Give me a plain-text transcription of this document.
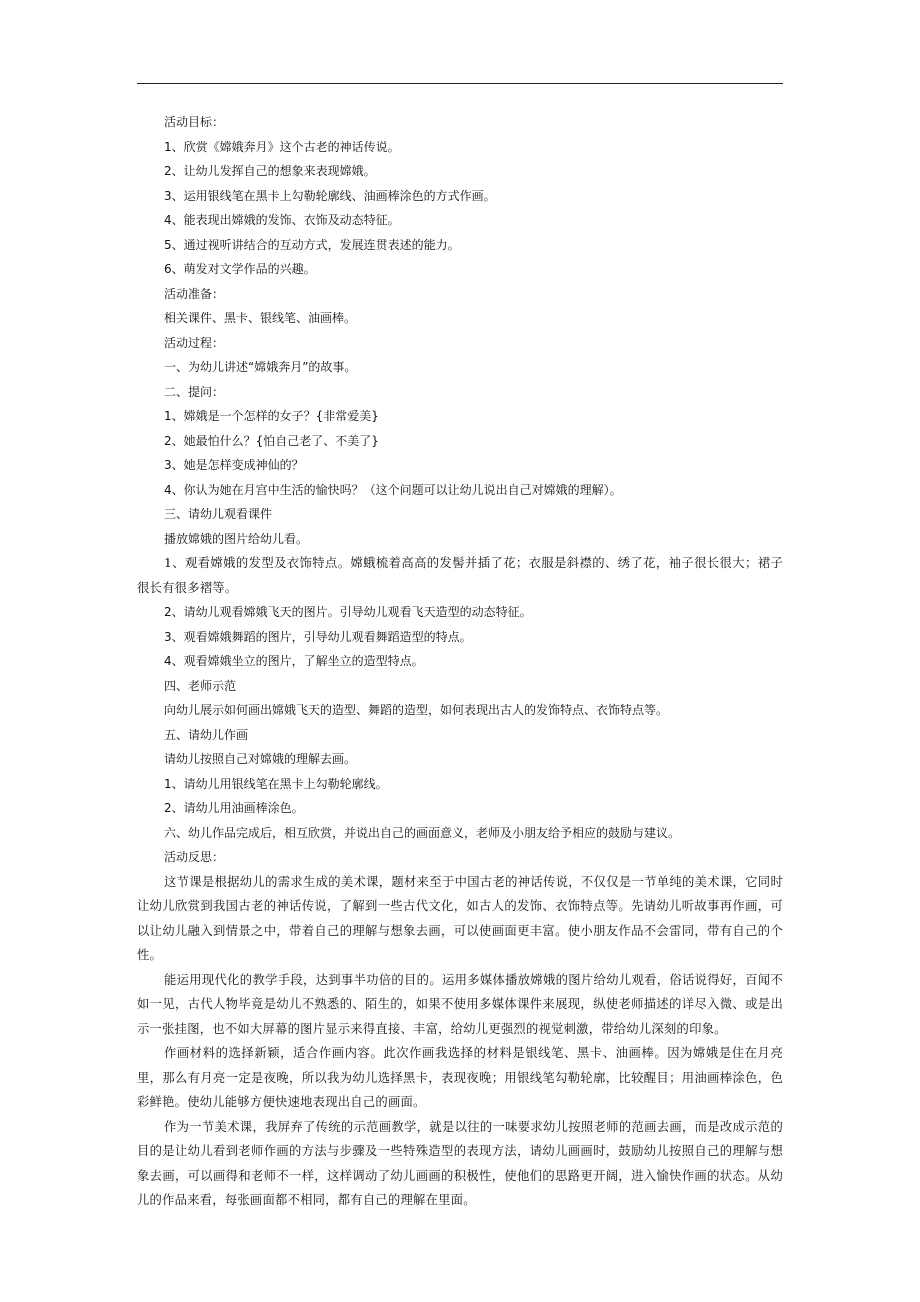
活动目标：
1、欣赏《嫦娥奔月》这个古老的神话传说。
2、让幼儿发挥自己的想象来表现嫦娥。
3、运用银线笔在黑卡上勾勒轮廓线、油画棒涂色的方式作画。
4、能表现出嫦娥的发饰、衣饰及动态特征。
5、通过视听讲结合的互动方式，发展连贯表述的能力。
6、萌发对文学作品的兴趣。
活动准备：
相关课件、黑卡、银线笔、油画棒。
活动过程：
一、为幼儿讲述“嫦娥奔月”的故事。
二、提问：
1、嫦娥是一个怎样的女子？{非常爱美}
2、她最怕什么？{怕自己老了、不美了}
3、她是怎样变成神仙的？
4、你认为她在月宫中生活的愉快吗？（这个问题可以让幼儿说出自己对嫦娥的理解）。
三、请幼儿观看课件
播放嫦娥的图片给幼儿看。

1、观看嫦娥的发型及衣饰特点。嫦蛾梳着高高的发髻并插了花；衣服是斜襟的、绣了花，袖子很长很大；裙子很长有很多褶等。

2、请幼儿观看嫦娥飞天的图片。引导幼儿观看飞天造型的动态特征。
3、观看嫦娥舞蹈的图片，引导幼儿观看舞蹈造型的特点。
4、观看嫦娥坐立的图片，了解坐立的造型特点。
四、老师示范
向幼儿展示如何画出嫦娥飞天的造型、舞蹈的造型，如何表现出古人的发饰特点、衣饰特点等。
五、请幼儿作画
请幼儿按照自己对嫦娥的理解去画。
1、请幼儿用银线笔在黑卡上勾勒轮廓线。
2、请幼儿用油画棒涂色。
六、幼儿作品完成后，相互欣赏，并说出自己的画面意义，老师及小朋友给予相应的鼓励与建议。
活动反思：

这节课是根据幼儿的需求生成的美术课，题材来至于中国古老的神话传说，不仅仅是一节单纯的美术课，它同时让幼儿欣赏到我国古老的神话传说，了解到一些古代文化，如古人的发饰、衣饰特点等。先请幼儿听故事再作画，可以让幼儿融入到情景之中，带着自己的理解与想象去画，可以使画面更丰富。使小朋友作品不会雷同，带有自己的个性。

能运用现代化的教学手段，达到事半功倍的目的。运用多媒体播放嫦娥的图片给幼儿观看，俗话说得好，百闻不如一见，古代人物毕竟是幼儿不熟悉的、陌生的，如果不使用多媒体课件来展现，纵使老师描述的详尽入微、或是出示一张挂图，也不如大屏幕的图片显示来得直接、丰富，给幼儿更强烈的视觉刺激，带给幼儿深刻的印象。

作画材料的选择新颖，适合作画内容。此次作画我选择的材料是银线笔、黑卡、油画棒。因为嫦娥是住在月亮里，那么有月亮一定是夜晚，所以我为幼儿选择黑卡，表现夜晚；用银线笔勾勒轮廓，比较醒目；用油画棒涂色，色彩鲜艳。使幼儿能够方便快速地表现出自己的画面。

作为一节美术课，我屏弃了传统的示范画教学，就是以往的一味要求幼儿按照老师的范画去画，而是改成示范的目的是让幼儿看到老师作画的方法与步骤及一些特殊造型的表现方法，请幼儿画画时，鼓励幼儿按照自己的理解与想象去画，可以画得和老师不一样，这样调动了幼儿画画的积极性，使他们的思路更开阔，进入愉快作画的状态。从幼儿的作品来看，每张画面都不相同，都有自己的理解在里面。
